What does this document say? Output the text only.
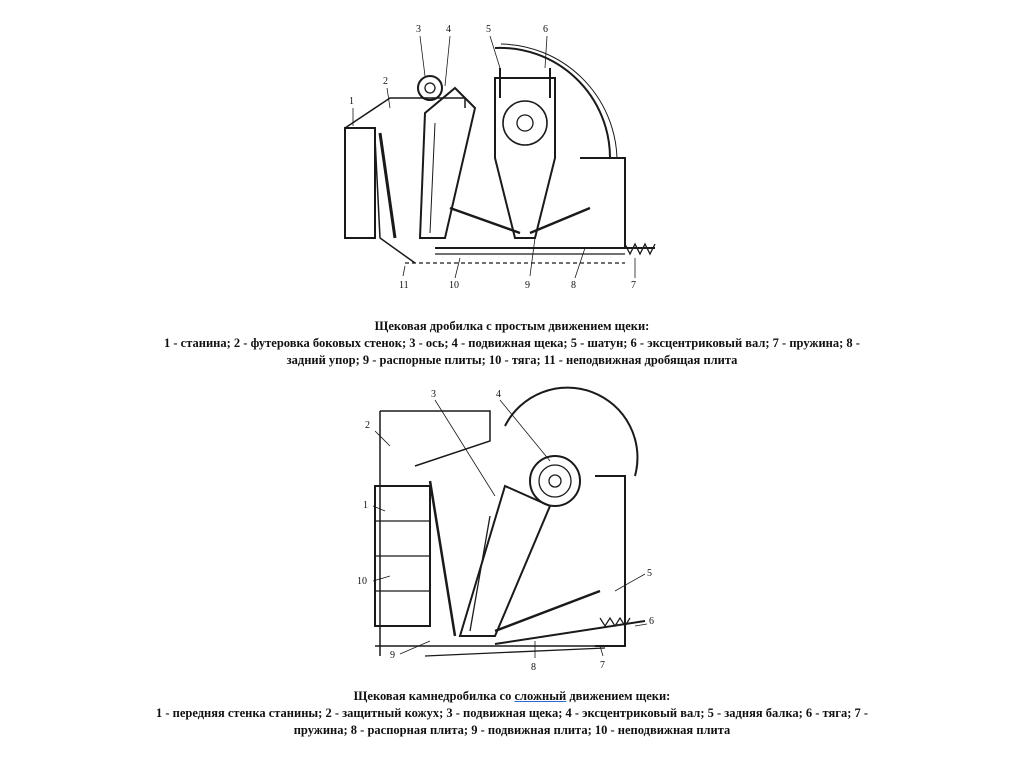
3	4	5	6
2
1
11	10	9	8	7
Щековая дробилка с простым движением щеки:
1 - станина; 2 - футеровка боковых стенок; 3 - ось; 4 - подвижная щека; 5 - шатун; 6 - эксцентриковый вал; 7 - пружина; 8 - задний упор; 9 - распорные плиты; 10 - тяга; 11 - неподвижная дробящая плита
3	4
2
1
10
5
6
7
8
9
Щековая камнедробилка со сложный движением щеки:
1 - передняя стенка станины; 2 - защитный кожух; 3 - подвижная щека; 4 - эксцентриковый вал; 5 - задняя балка; 6 - тяга; 7 - пружина; 8 - распорная плита; 9 - подвижная плита; 10 - неподвижная плита
